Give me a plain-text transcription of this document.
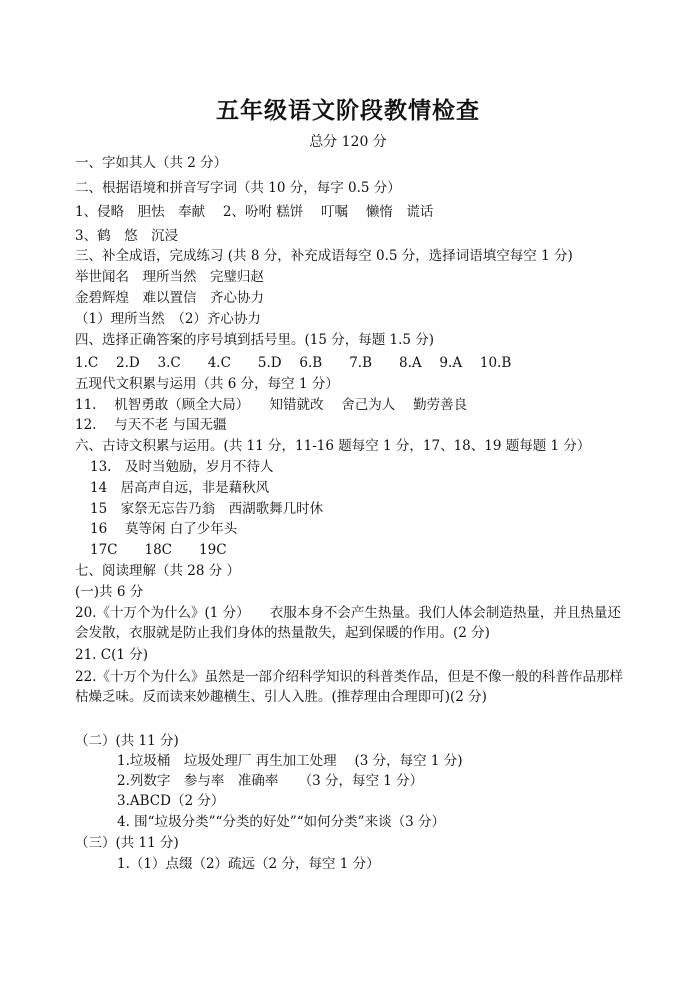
五年级语文阶段教情检查
总分 120 分
一、字如其人（共 2 分）
二、根据语境和拼音写字词（共 10 分，每字 0.5 分）
1、侵略　胆怯　奉献　 2、吩咐 糕饼　 叮嘱　 懒惰　谎话
3、鹤　悠　沉浸
三、补全成语，完成练习 (共 8 分，补充成语每空 0.5 分，选择词语填空每空 1 分)
举世闻名　理所当然　完璧归赵
金碧辉煌　难以置信　齐心协力
（1）理所当然　（2）齐心协力
四、选择正确答案的序号填到括号里。(15 分，每题 1.5 分)
1.C　 2.D　 3.C　　4.C　　5.D　 6.B　　7.B　　8.A　 9.A　 10.B
五现代文积累与运用（共 6 分，每空 1 分）
11.　 机智勇敢（顾全大局）　　知错就改　 舍己为人　 勤劳善良
12.　 与天不老 与国无疆
六、古诗文积累与运用。(共 11 分，11-16 题每空 1 分，17、18、19 题每题 1 分）
13.　及时当勉励，岁月不待人
14　居高声自远，非是藉秋风
15　家祭无忘告乃翁　西湖歌舞几时休
16　 莫等闲 白了少年头
17C　　18C　　19C
七、阅读理解（共 28 分 ）
(一)共 6 分
20.《十万个为什么》(1 分）　　衣服本身不会产生热量。我们人体会制造热量，并且热量还会发散，衣服就是防止我们身体的热量散失，起到保暖的作用。(2 分)
21. C(1 分)
22.《十万个为什么》虽然是一部介绍科学知识的科普类作品，但是不像一般的科普作品那样枯燥乏味。反而读来妙趣横生、引人入胜。(推荐理由合理即可)(2 分)
（二）(共 11 分)
1.垃圾桶　垃圾处理厂 再生加工处理　 (3 分，每空 1 分)
2.列数字　参与率　准确率　　（3 分，每空 1 分）
3.ABCD（2 分）
4. 围“垃圾分类”“分类的好处”“如何分类”来谈（3 分）
（三）(共 11 分)
1.（1）点缀（2）疏远（2 分，每空 1 分）
